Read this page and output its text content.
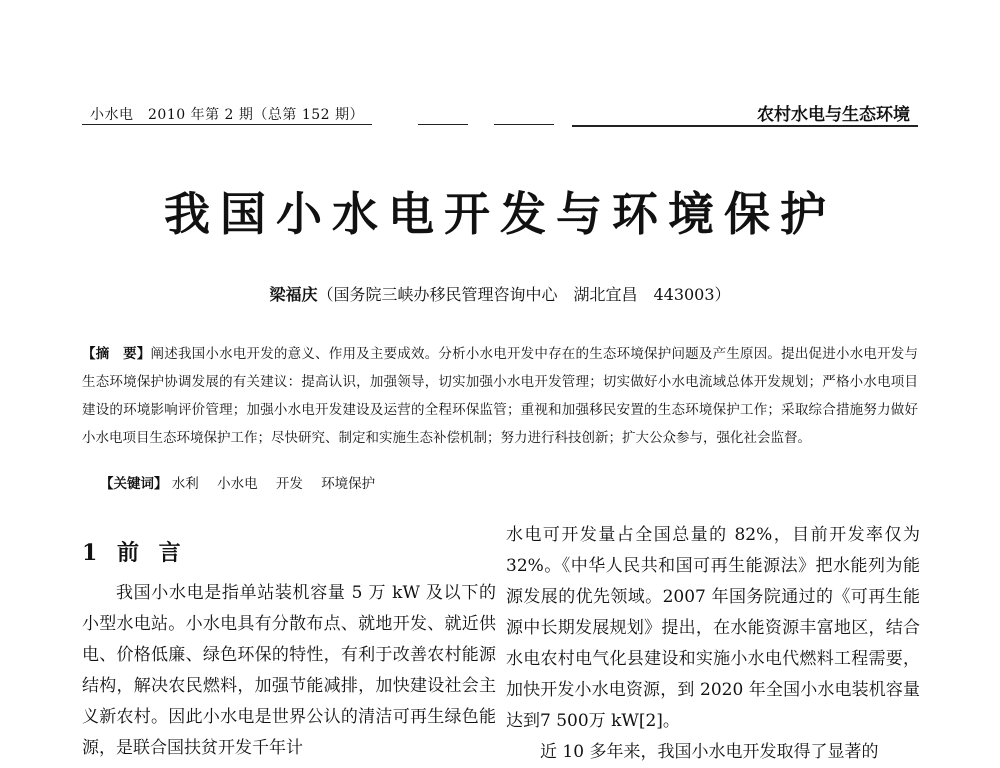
小水电　2010 年第 2 期（总第 152 期）	农村水电与生态环境
我国小水电开发与环境保护
梁福庆（国务院三峡办移民管理咨询中心　湖北宜昌　443003）
【摘　要】阐述我国小水电开发的意义、作用及主要成效。分析小水电开发中存在的生态环境保护问题及产生原因。提出促进小水电开发与生态环境保护协调发展的有关建议：提高认识，加强领导，切实加强小水电开发管理；切实做好小水电流域总体开发规划；严格小水电项目建设的环境影响评价管理；加强小水电开发建设及运营的全程环保监管；重视和加强移民安置的生态环境保护工作；采取综合措施努力做好小水电项目生态环境保护工作；尽快研究、制定和实施生态补偿机制；努力进行科技创新；扩大公众参与，强化社会监督。
【关键词】 水利 小水电 开发 环境保护
1 前 言

我国小水电是指单站装机容量 5 万 kW 及以下的小型水电站。小水电具有分散布点、就地开发、就近供电、价格低廉、绿色环保的特性，有利于改善农村能源结构，解决农民燃料，加强节能减排，加快建设社会主义新农村。因此小水电是世界公认的清洁可再生绿色能源，是联合国扶贫开发千年计

水电可开发量占全国总量的 82%，目前开发率仅为 32%。《中华人民共和国可再生能源法》把水能列为能源发展的优先领域。2007 年国务院通过的《可再生能源中长期发展规划》提出，在水能资源丰富地区，结合水电农村电气化县建设和实施小水电代燃料工程需要，加快开发小水电资源，到 2020 年全国小水电装机容量达到7 500万 kW[2]。

近 10 多年来，我国小水电开发取得了显著的
